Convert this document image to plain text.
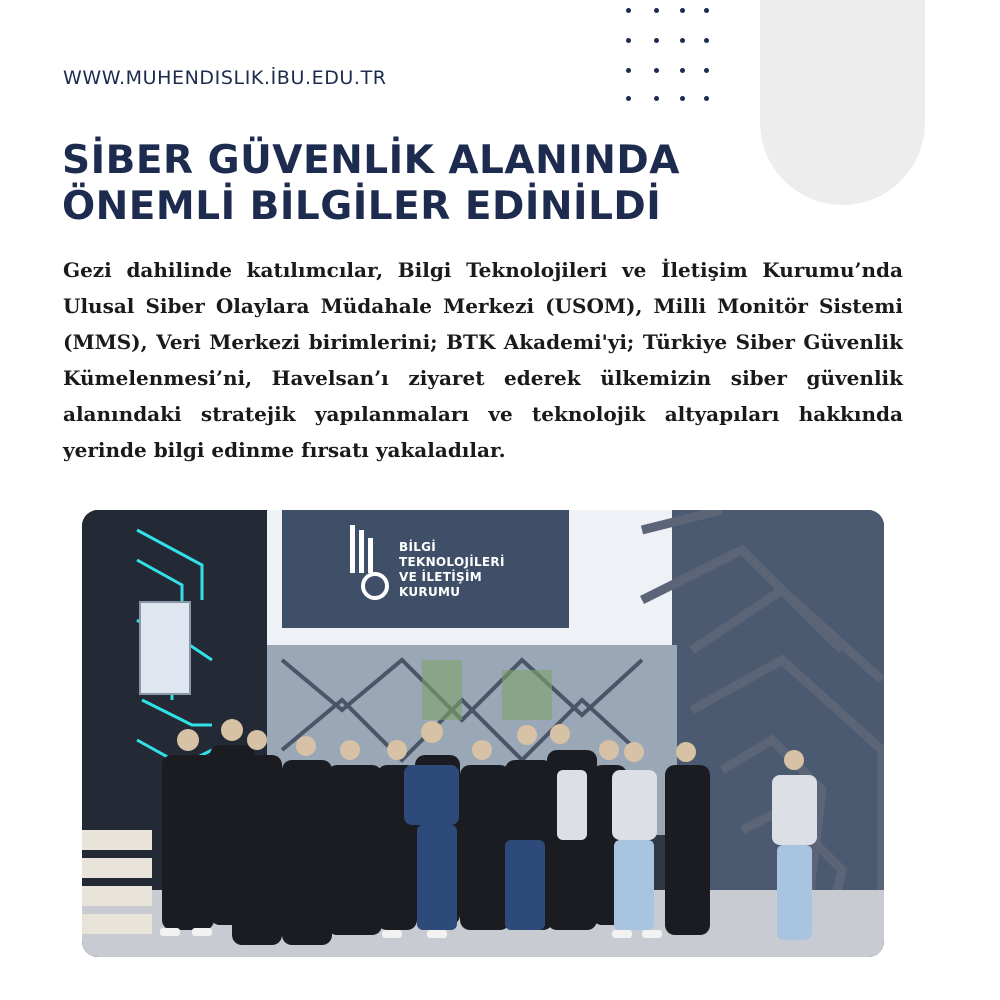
WWW.MUHENDISLIK.İBU.EDU.TR
SİBER GÜVENLİK ALANINDA
ÖNEMLİ BİLGİLER EDİNİLDİ
Gezi dahilinde katılımcılar, Bilgi Teknolojileri ve İletişim Kurumu’nda Ulusal Siber Olaylara Müdahale Merkezi (USOM), Milli Monitör Sistemi (MMS), Veri Merkezi birimlerini; BTK Akademi'yi; Türkiye Siber Güvenlik Kümelenmesi’ni, Havelsan’ı ziyaret ederek ülkemizin siber güvenlik alanındaki stratejik yapılanmaları ve teknolojik altyapıları hakkında yerinde bilgi edinme fırsatı yakaladılar.
BİLGİ
TEKNOLOJİLERİ
VE İLETİŞİM
KURUMU
